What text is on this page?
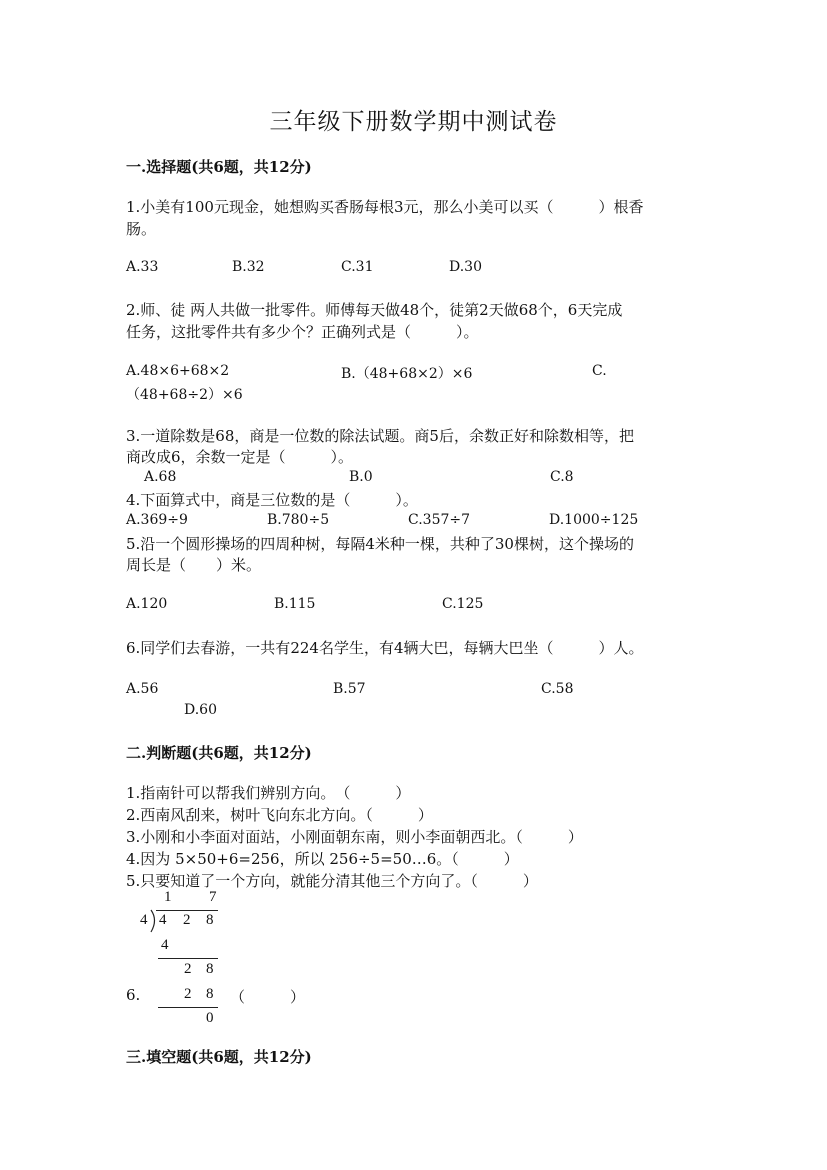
三年级下册数学期中测试卷
一.选择题(共6题，共12分)
1.小美有100元现金，她想购买香肠每根3元，那么小美可以买（　　　）根香
肠。
A.33	B.32	C.31	D.30
2.师、徒 两人共做一批零件。师傅每天做48个，徒第2天做68个，6天完成
任务，这批零件共有多少个？正确列式是（　　　）。
A.48×6+68×2	B.（48+68×2）×6	C.
（48+68÷2）×6
3.一道除数是68，商是一位数的除法试题。商5后，余数正好和除数相等，把
商改成6，余数一定是（　　　）。
A.68	B.0	C.8
4.下面算式中，商是三位数的是（　　　）。
A.369÷9	B.780÷5	C.357÷7	D.1000÷125
5.沿一个圆形操场的四周种树，每隔4米种一棵，共种了30棵树，这个操场的
周长是（　　）米。
A.120	B.115	C.125
6.同学们去春游，一共有224名学生，有4辆大巴，每辆大巴坐（　　　）人。
A.56	B.57	C.58
D.60
二.判断题(共6题，共12分)
1.指南针可以帮我们辨别方向。　（　　　）
2.西南风刮来，树叶飞向东北方向。（　　　）
3.小刚和小李面对面站，小刚面朝东南，则小李面朝西北。（　　　）
4.因为 5×50+6=256，所以 256÷5=50…6。（　　　）
5.只要知道了一个方向，就能分清其他三个方向了。（　　　）
1	7
4 4 2 8
4
2 8
6.	2 8 （　　　）
0
三.填空题(共6题，共12分)
